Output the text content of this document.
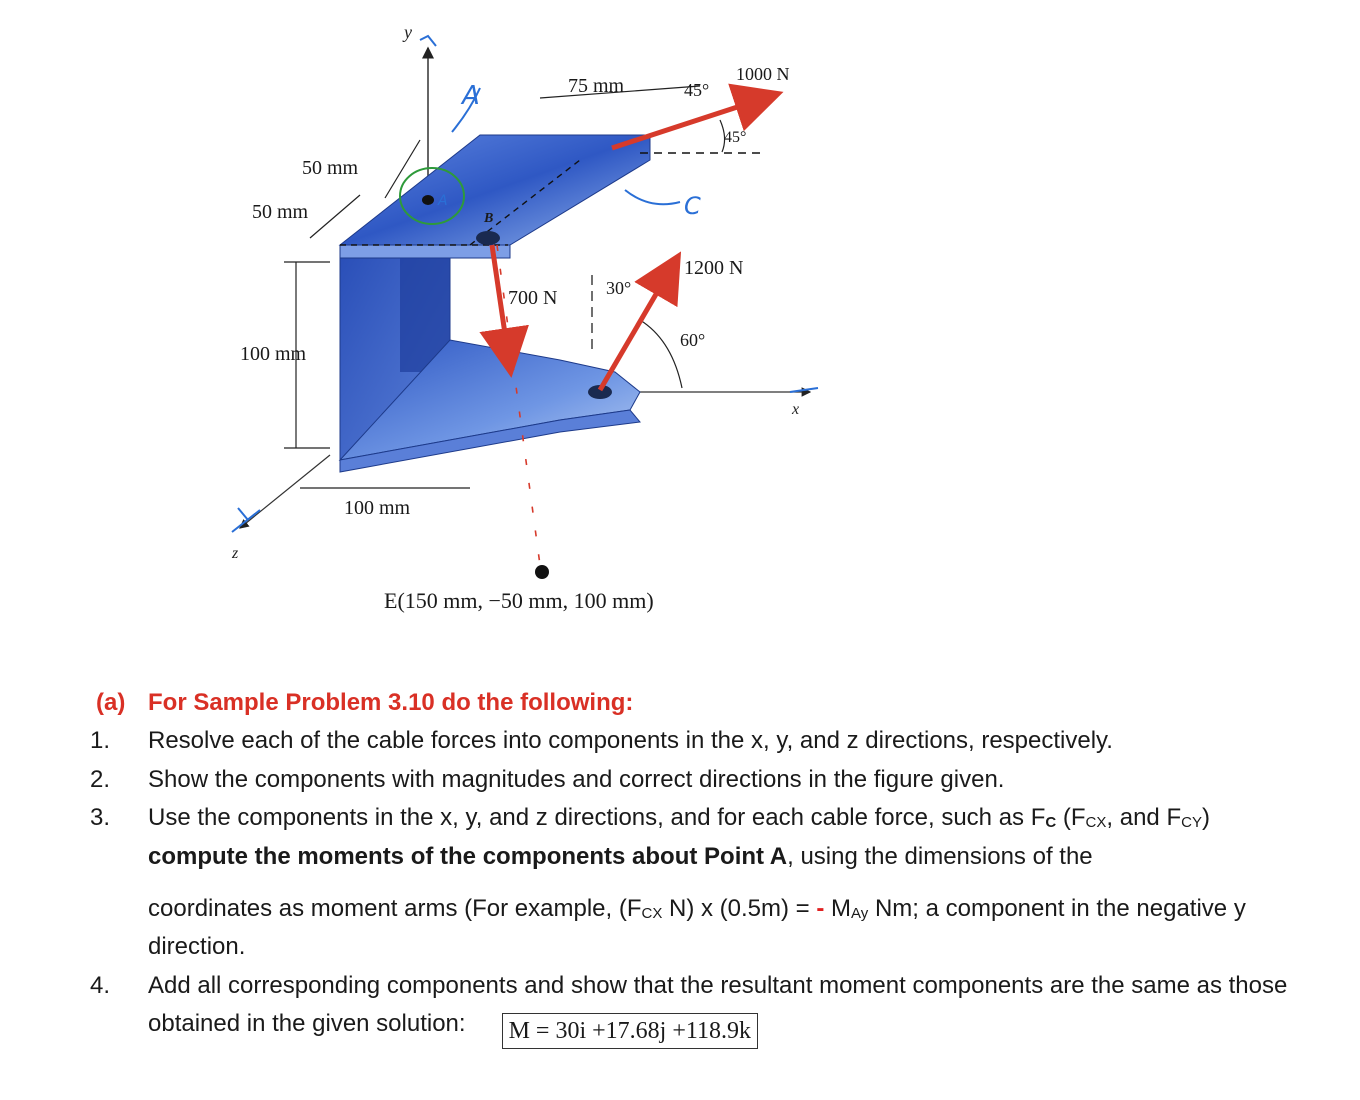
y
x
z
A
A	C
75 mm
50 mm
50 mm
100 mm
100 mm
45°
45°
1000 N
1200 N
700 N	30°
60°
B
E(150 mm, −50 mm, 100 mm)
(a) For Sample Problem 3.10 do the following:
1. Resolve each of the cable forces into components in the x, y, and z directions, respectively.
2. Show the components with magnitudes and correct directions in the figure given.
3. Use the components in the x, y, and z directions, and for each cable force, such as FC (FCX, and FCY) compute the moments of the components about Point A, using the dimensions of the
coordinates as moment arms (For example, (FCX N) x (0.5m) = - MAy Nm; a component in the negative y direction.
4. Add all corresponding components and show that the resultant moment components are the same as those obtained in the given solution: M = 30i +17.68j +118.9k
